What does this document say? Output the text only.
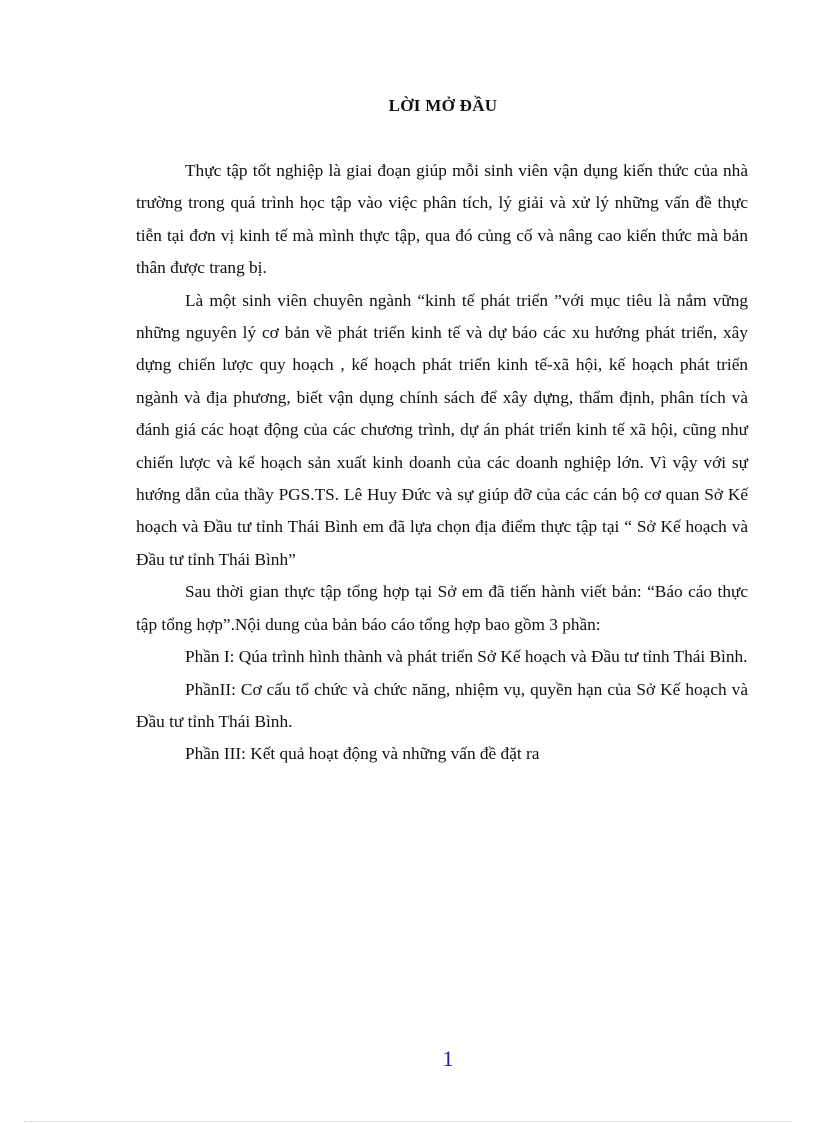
LỜI MỞ ĐẦU

Thực tập tốt nghiệp là giai đoạn giúp mỗi sinh viên vận dụng kiến thức của nhà trường trong quá trình học tập vào việc phân tích, lý giải và xử lý những vấn đề thực tiễn tại đơn vị kinh tế mà mình thực tập, qua đó củng cố và nâng cao kiến thức mà bản thân được trang bị.

Là một sinh viên chuyên ngành “kinh tế phát triển ”với mục tiêu là nắm vững những nguyên lý cơ bản về phát triển kinh tế và dự báo các xu hướng phát triển, xây dựng chiến lược quy hoạch , kế hoạch phát triển kinh tế-xã hội, kế hoạch phát triển ngành và địa phương, biết vận dụng chính sách để xây dựng, thẩm định, phân tích và đánh giá các hoạt động của các chương trình, dự án phát triển kinh tế xã hội, cũng như chiến lược và kế hoạch sản xuất kinh doanh của các doanh nghiệp lớn. Vì vậy với sự hướng dẫn của thầy PGS.TS. Lê Huy Đức và sự giúp đỡ của các cán bộ cơ quan Sở Kế hoạch và Đầu tư tỉnh Thái Bình em đã lựa chọn địa điểm thực tập tại “ Sở Kế hoạch và Đầu tư tỉnh Thái Bình”

Sau thời gian thực tập tổng hợp tại Sở em đã tiến hành viết bản: “Báo cáo thực tập tổng hợp”.Nội dung của bản báo cáo tổng hợp bao gồm 3 phần:

Phần I: Qúa trình hình thành và phát triển Sở Kế hoạch và Đầu tư tỉnh Thái Bình.

PhầnII: Cơ cấu tổ chức và chức năng, nhiệm vụ, quyền hạn của Sở Kế hoạch và Đầu tư tỉnh Thái Bình.

Phần III: Kết quả hoạt động và những vấn đề đặt ra

1
